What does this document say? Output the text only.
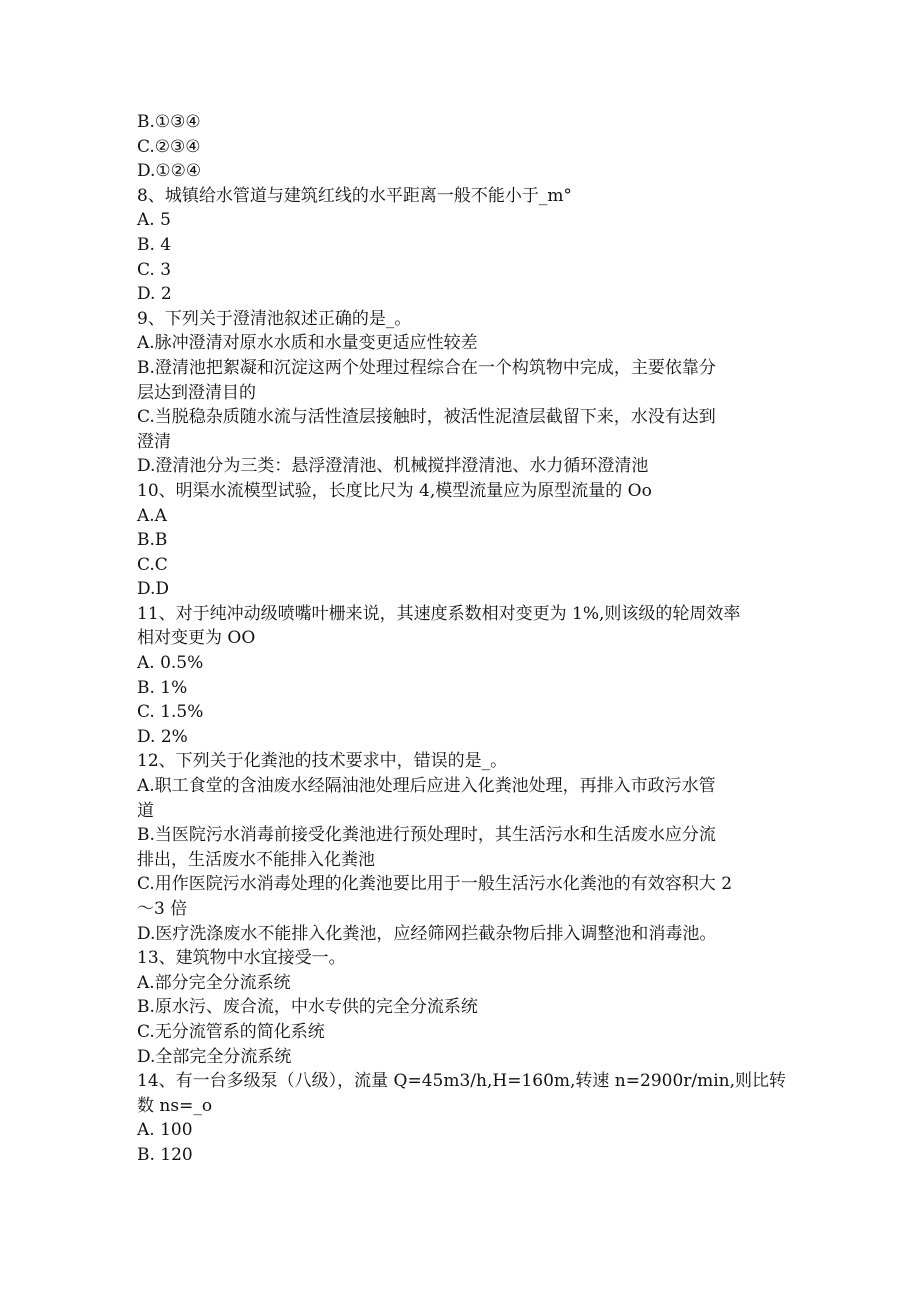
B.①③④
C.②③④
D.①②④
8、城镇给水管道与建筑红线的水平距离一般不能小于_m°
A. 5
B. 4
C. 3
D. 2
9、下列关于澄清池叙述正确的是_。
A.脉冲澄清对原水水质和水量变更适应性较差
B.澄清池把絮凝和沉淀这两个处理过程综合在一个构筑物中完成，主要依靠分
层达到澄清目的
C.当脱稳杂质随水流与活性渣层接触时，被活性泥渣层截留下来，水没有达到
澄清
D.澄清池分为三类：悬浮澄清池、机械搅拌澄清池、水力循环澄清池
10、明渠水流模型试验，长度比尺为 4,模型流量应为原型流量的 Oo
A.A
B.B
C.C
D.D
11、对于纯冲动级喷嘴叶栅来说，其速度系数相对变更为 1%,则该级的轮周效率
相对变更为 OO
A. 0.5%
B. 1%
C. 1.5%
D. 2%
12、下列关于化粪池的技术要求中，错误的是_。
A.职工食堂的含油废水经隔油池处理后应进入化粪池处理，再排入市政污水管
道
B.当医院污水消毒前接受化粪池进行预处理时，其生活污水和生活废水应分流
排出，生活废水不能排入化粪池
C.用作医院污水消毒处理的化粪池要比用于一般生活污水化粪池的有效容积大 2
～3 倍
D.医疗洗涤废水不能排入化粪池，应经筛网拦截杂物后排入调整池和消毒池。
13、建筑物中水宜接受一。
A.部分完全分流系统
B.原水污、废合流，中水专供的完全分流系统
C.无分流管系的简化系统
D.全部完全分流系统
14、有一台多级泵（八级），流量 Q=45m3/h,H=160m,转速 n=2900r/min,则比转
数 ns=_o
A. 100
B. 120
